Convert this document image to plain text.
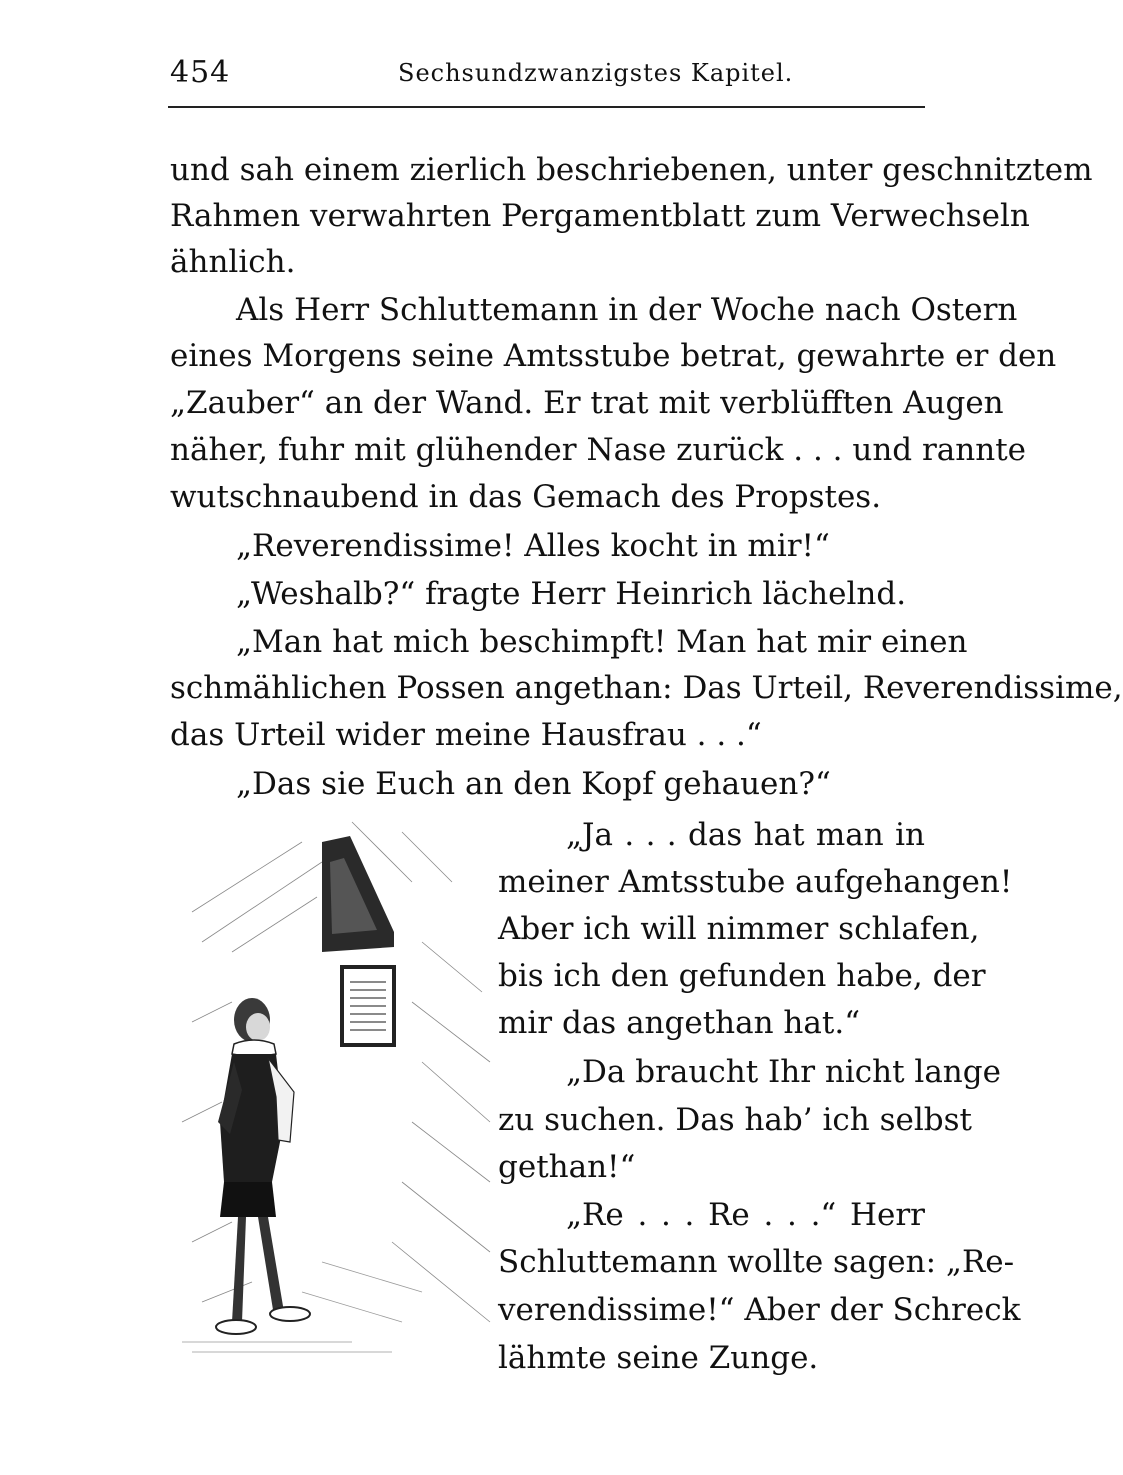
454	Sechsundzwanzigstes Kapitel.
und sah einem zierlich beschriebenen, unter geschnitztem
Rahmen verwahrten Pergamentblatt zum Verwechseln
ähnlich.
Als Herr Schluttemann in der Woche nach Ostern
eines Morgens seine Amtsstube betrat, gewahrte er den
„Zauber“ an der Wand. Er trat mit verblüfften Augen
näher, fuhr mit glühender Nase zurück . . . und rannte
wutschnaubend in das Gemach des Propstes.
„Reverendissime! Alles kocht in mir!“
„Weshalb?“ fragte Herr Heinrich lächelnd.
„Man hat mich beschimpft! Man hat mir einen
schmählichen Possen angethan: Das Urteil, Reverendissime,
das Urteil wider meine Hausfrau . . .“
„Das sie Euch an den Kopf gehauen?“
„Ja . . . das hat man in
meiner Amtsstube aufgehangen!
Aber ich will nimmer schlafen,
bis ich den gefunden habe, der
mir das angethan hat.“
„Da braucht Ihr nicht lange
zu suchen. Das hab’ ich selbst
gethan!“
„Re . . . Re . . .“ Herr
Schluttemann wollte sagen: „Re-
verendissime!“ Aber der Schreck
lähmte seine Zunge.
